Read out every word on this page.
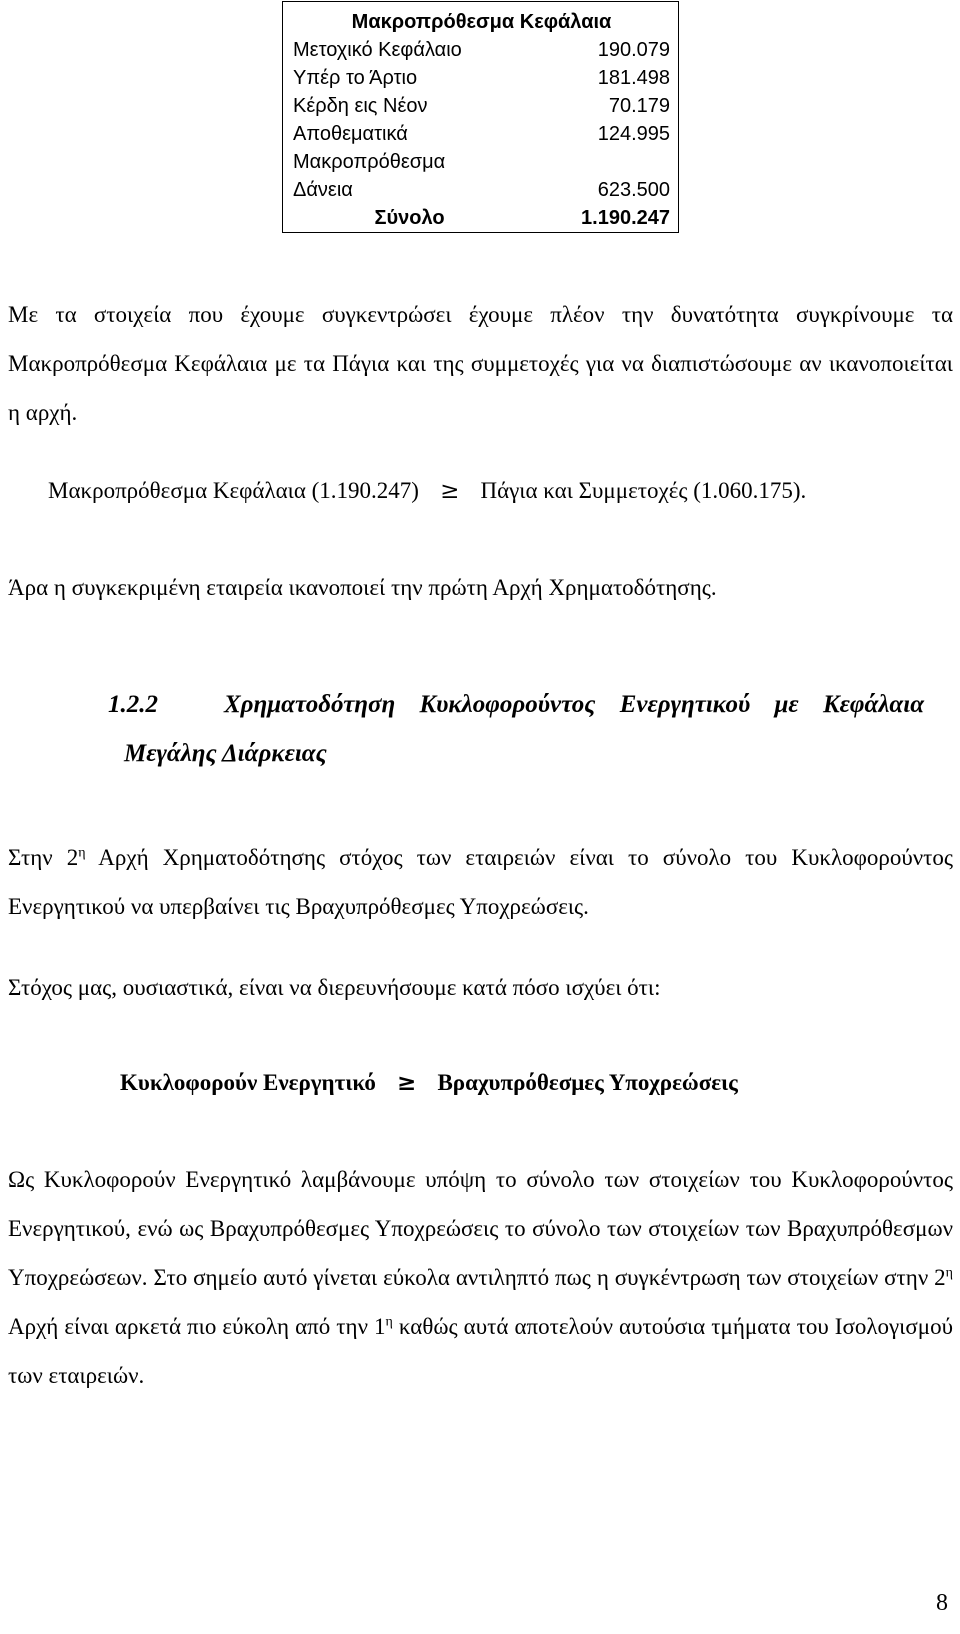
Μακροπρόθεσμα Κεφάλαια	
Μετοχικό Κεφάλαιο	190.079
Υπέρ το Άρτιο	181.498
Κέρδη εις Νέον	70.179
Αποθεματικά	124.995
Μακροπρόθεσμα
Δάνεια	623.500
Σύνολο	1.190.247
Με τα στοιχεία που έχουμε συγκεντρώσει έχουμε πλέον την δυνατότητα συγκρίνουμε τα Μακροπρόθεσμα Κεφάλαια με τα Πάγια και της συμμετοχές για να διαπιστώσουμε αν ικανοποιείται η αρχή.
Μακροπρόθεσμα Κεφάλαια (1.190.247) ≥ Πάγια και Συμμετοχές (1.060.175).
Άρα η συγκεκριμένη εταιρεία ικανοποιεί την πρώτη Αρχή Χρηματοδότησης.
1.2.2	Χρηματοδότηση Κυκλοφορούντος Ενεργητικού με Κεφάλαια
Μεγάλης Διάρκειας
Στην $2^\eta$ Αρχή Χρηματοδότησης στόχος των εταιρειών είναι το σύνολο του Κυκλοφορούντος Ενεργητικού να υπερβαίνει τις Βραχυπρόθεσμες Υποχρεώσεις.
Στόχος μας, ουσιαστικά, είναι να διερευνήσουμε κατά πόσο ισχύει ότι:
Κυκλοφορούν Ενεργητικό ≥ Βραχυπρόθεσμες Υποχρεώσεις
Ως Κυκλοφορούν Ενεργητικό λαμβάνουμε υπόψη το σύνολο των στοιχείων του Κυκλοφορούντος Ενεργητικού, ενώ ως Βραχυπρόθεσμες Υποχρεώσεις το σύνολο των στοιχείων των Βραχυπρόθεσμων Υποχρεώσεων. Στο σημείο αυτό γίνεται εύκολα αντιληπτό πως η συγκέντρωση των στοιχείων στην $2^\eta$ Αρχή είναι αρκετά πιο εύκολη από την $1^\eta$ καθώς αυτά αποτελούν αυτούσια τμήματα του Ισολογισμού των εταιρειών.
8
